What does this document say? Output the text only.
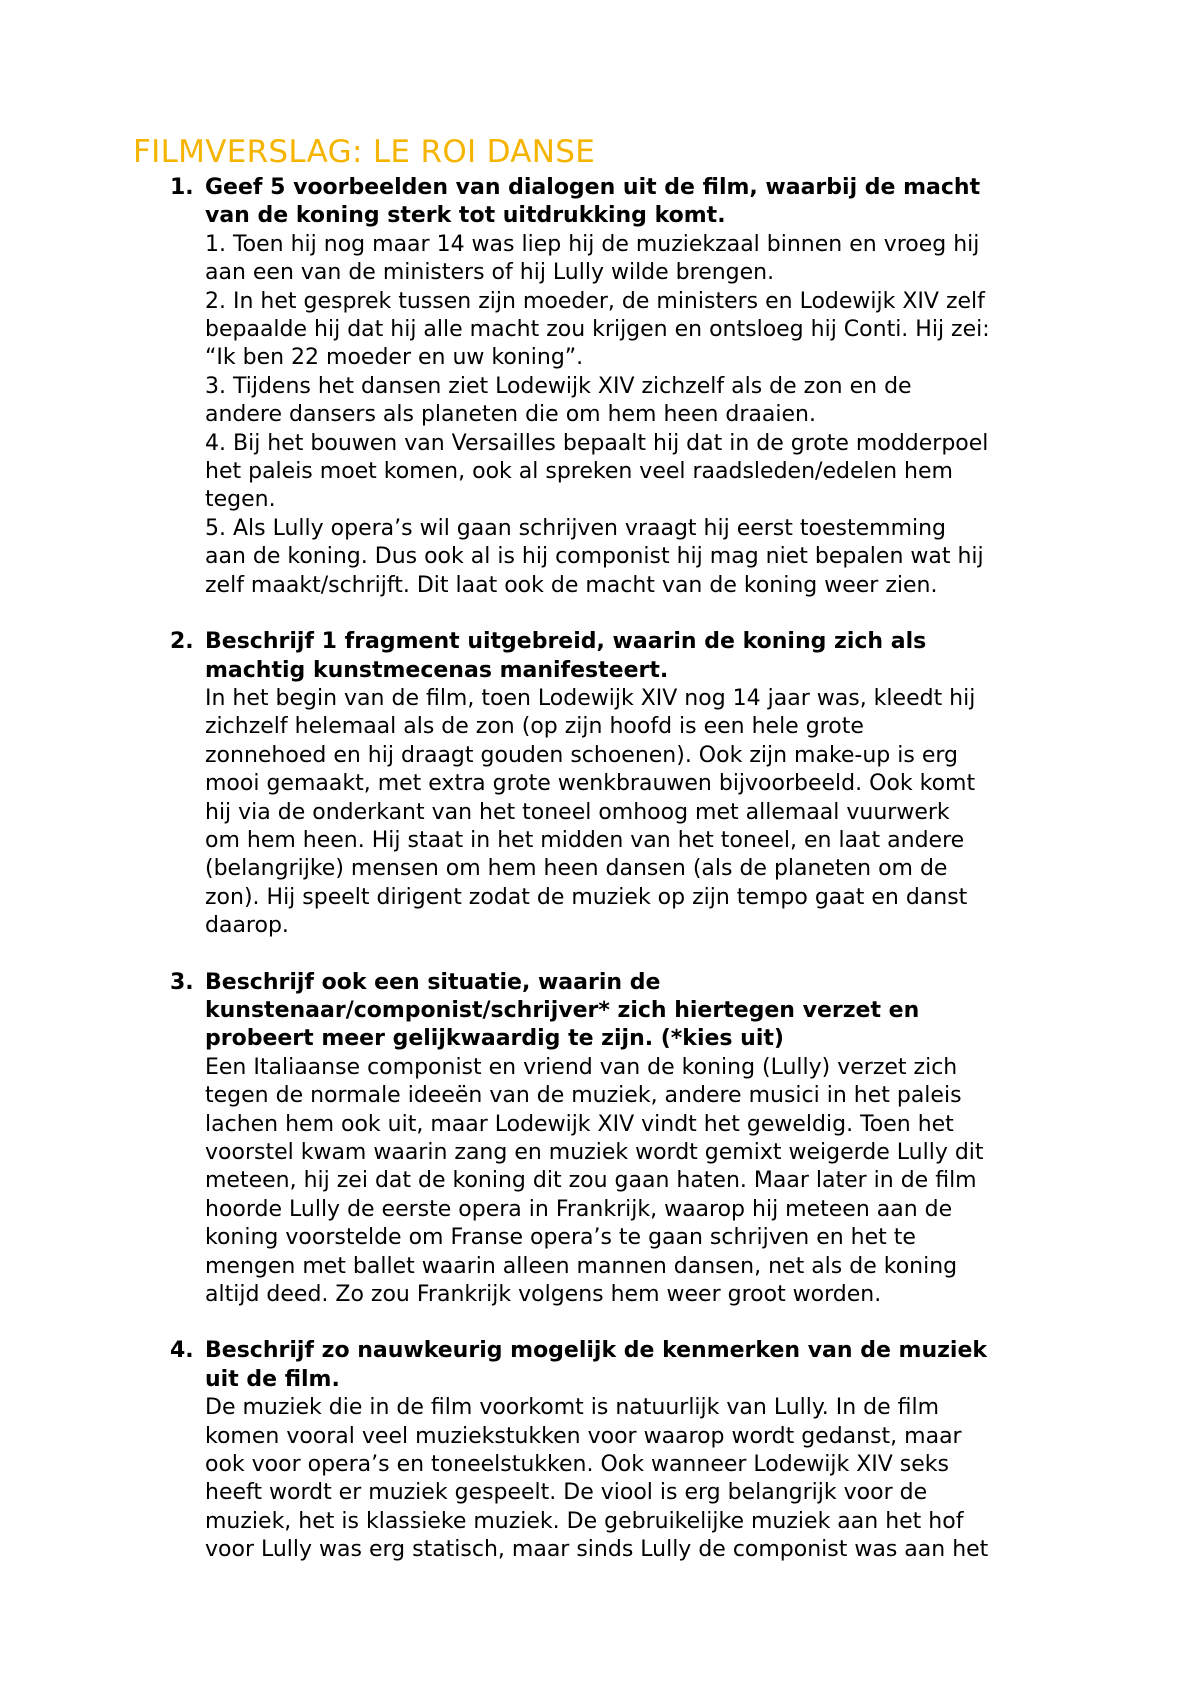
FILMVERSLAG: LE ROI DANSE
1. Geef 5 voorbeelden van dialogen uit de film, waarbij de macht
van de koning sterk tot uitdrukking komt.
1. Toen hij nog maar 14 was liep hij de muziekzaal binnen en vroeg hij
aan een van de ministers of hij Lully wilde brengen.
2. In het gesprek tussen zijn moeder, de ministers en Lodewijk XIV zelf
bepaalde hij dat hij alle macht zou krijgen en ontsloeg hij Conti. Hij zei:
“Ik ben 22 moeder en uw koning”.
3. Tijdens het dansen ziet Lodewijk XIV zichzelf als de zon en de
andere dansers als planeten die om hem heen draaien.
4. Bij het bouwen van Versailles bepaalt hij dat in de grote modderpoel
het paleis moet komen, ook al spreken veel raadsleden/edelen hem
tegen.
5. Als Lully opera’s wil gaan schrijven vraagt hij eerst toestemming
aan de koning. Dus ook al is hij componist hij mag niet bepalen wat hij
zelf maakt/schrijft. Dit laat ook de macht van de koning weer zien.
2. Beschrijf 1 fragment uitgebreid, waarin de koning zich als
machtig kunstmecenas manifesteert.
In het begin van de film, toen Lodewijk XIV nog 14 jaar was, kleedt hij
zichzelf helemaal als de zon (op zijn hoofd is een hele grote
zonnehoed en hij draagt gouden schoenen). Ook zijn make-up is erg
mooi gemaakt, met extra grote wenkbrauwen bijvoorbeeld. Ook komt
hij via de onderkant van het toneel omhoog met allemaal vuurwerk
om hem heen. Hij staat in het midden van het toneel, en laat andere
(belangrijke) mensen om hem heen dansen (als de planeten om de
zon). Hij speelt dirigent zodat de muziek op zijn tempo gaat en danst
daarop.
3. Beschrijf ook een situatie, waarin de
kunstenaar/componist/schrijver* zich hiertegen verzet en
probeert meer gelijkwaardig te zijn. (*kies uit)
Een Italiaanse componist en vriend van de koning (Lully) verzet zich
tegen de normale ideeën van de muziek, andere musici in het paleis
lachen hem ook uit, maar Lodewijk XIV vindt het geweldig. Toen het
voorstel kwam waarin zang en muziek wordt gemixt weigerde Lully dit
meteen, hij zei dat de koning dit zou gaan haten. Maar later in de film
hoorde Lully de eerste opera in Frankrijk, waarop hij meteen aan de
koning voorstelde om Franse opera’s te gaan schrijven en het te
mengen met ballet waarin alleen mannen dansen, net als de koning
altijd deed. Zo zou Frankrijk volgens hem weer groot worden.
4. Beschrijf zo nauwkeurig mogelijk de kenmerken van de muziek
uit de film.
De muziek die in de film voorkomt is natuurlijk van Lully. In de film
komen vooral veel muziekstukken voor waarop wordt gedanst, maar
ook voor opera’s en toneelstukken. Ook wanneer Lodewijk XIV seks
heeft wordt er muziek gespeelt. De viool is erg belangrijk voor de
muziek, het is klassieke muziek. De gebruikelijke muziek aan het hof
voor Lully was erg statisch, maar sinds Lully de componist was aan het
